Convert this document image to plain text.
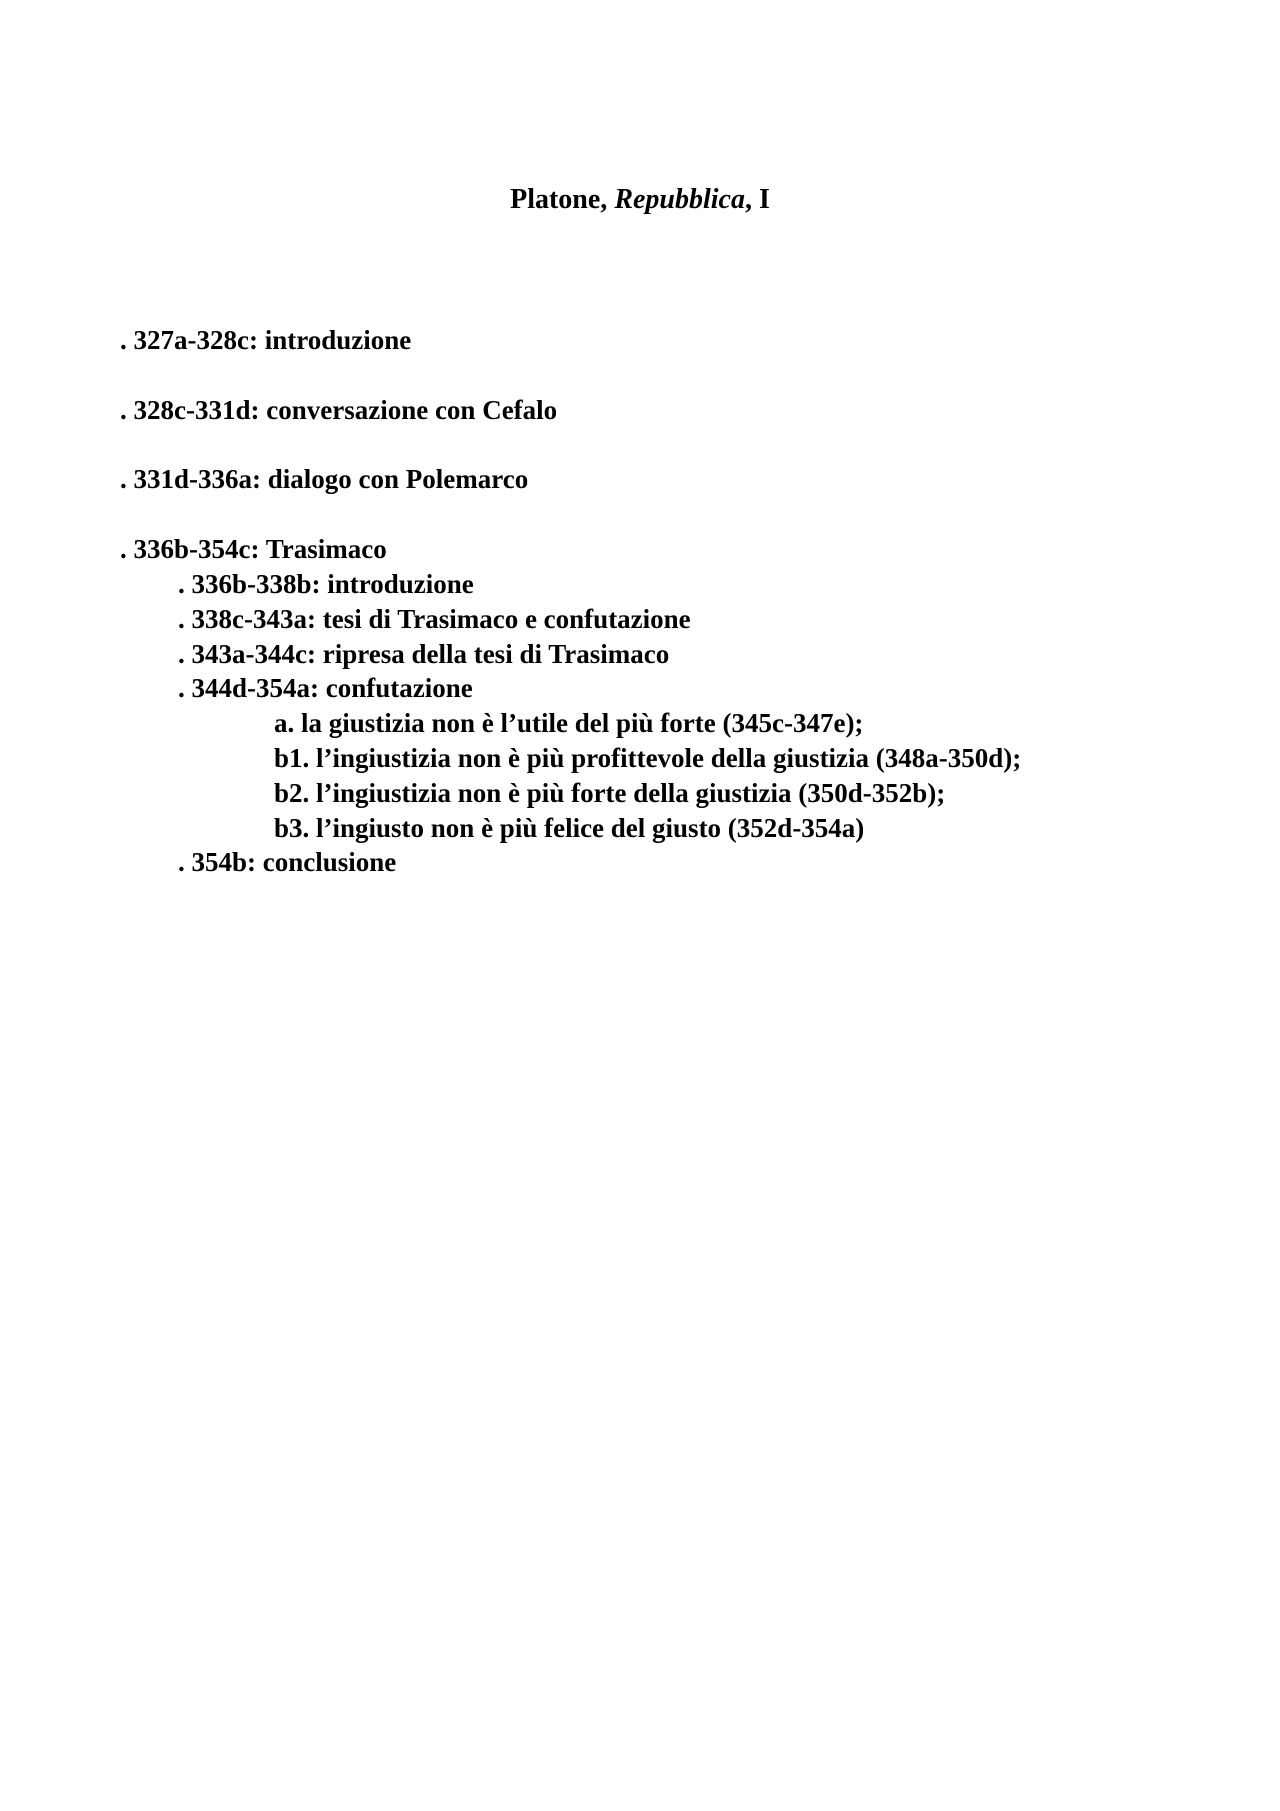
Platone, Repubblica, I
. 327a-328c: introduzione
. 328c-331d: conversazione con Cefalo
. 331d-336a: dialogo con Polemarco
. 336b-354c: Trasimaco
. 336b-338b: introduzione
. 338c-343a: tesi di Trasimaco e confutazione
. 343a-344c: ripresa della tesi di Trasimaco
. 344d-354a: confutazione
a. la giustizia non è l’utile del più forte (345c-347e);
b1. l’ingiustizia non è più profittevole della giustizia (348a-350d);
b2. l’ingiustizia non è più forte della giustizia (350d-352b);
b3. l’ingiusto non è più felice del giusto (352d-354a)
. 354b: conclusione
